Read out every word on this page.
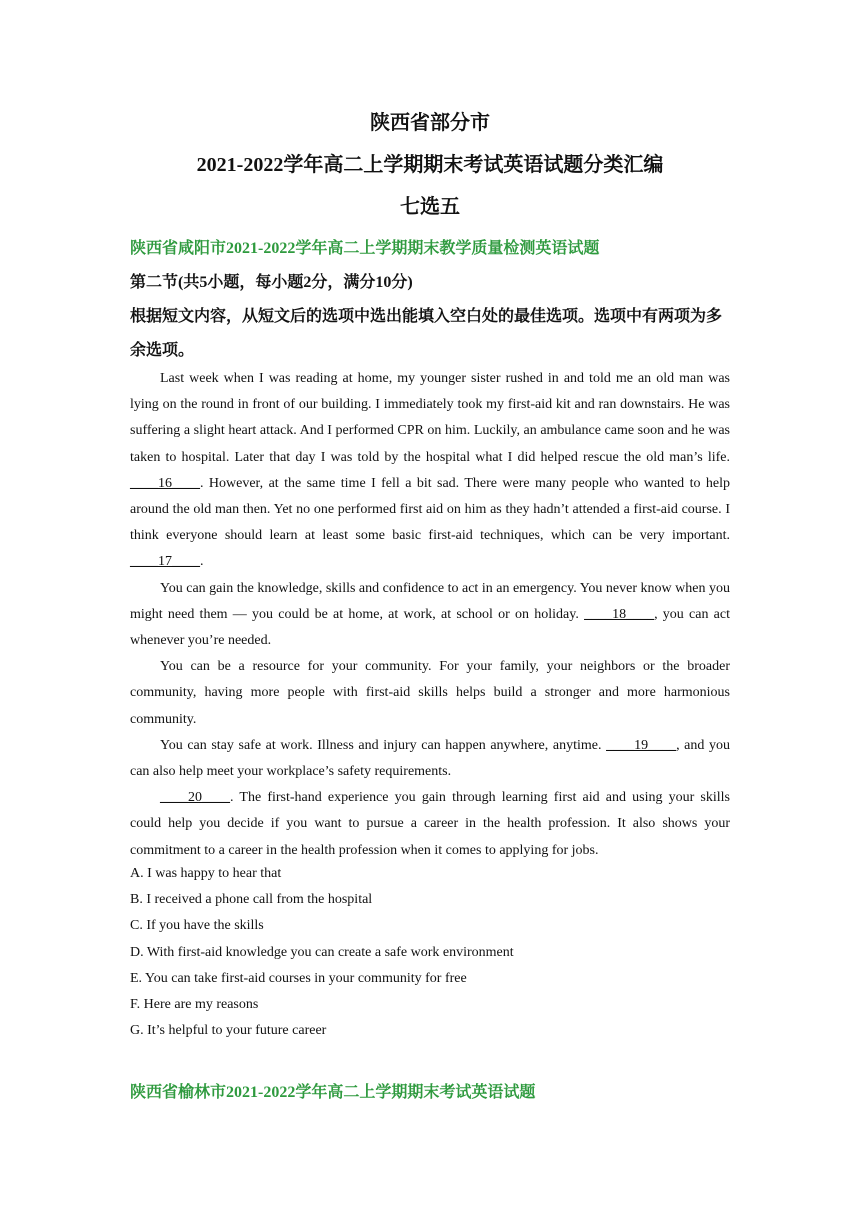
陕西省部分市
2021-2022学年高二上学期期末考试英语试题分类汇编
七选五
陕西省咸阳市2021-2022学年高二上学期期末教学质量检测英语试题
第二节(共5小题，每小题2分，满分10分)
根据短文内容，从短文后的选项中选出能填入空白处的最佳选项。选项中有两项为多余选项。

Last week when I was reading at home, my younger sister rushed in and told me an old man was lying on the round in front of our building. I immediately took my first-aid kit and ran downstairs. He was suffering a slight heart attack. And I performed CPR on him. Luckily, an ambulance came soon and he was taken to hospital. Later that day I was told by the hospital what I did helped rescue the old man’s life. ____16____. However, at the same time I fell a bit sad. There were many people who wanted to help around the old man then. Yet no one performed first aid on him as they hadn’t attended a first-aid course. I think everyone should learn at least some basic first-aid techniques, which can be very important. ____17____.

You can gain the knowledge, skills and confidence to act in an emergency. You never know when you might need them — you could be at home, at work, at school or on holiday. ____18____, you can act whenever you’re needed.

You can be a resource for your community. For your family, your neighbors or the broader community, having more people with first-aid skills helps build a stronger and more harmonious community.

You can stay safe at work. Illness and injury can happen anywhere, anytime. ____19____, and you can also help meet your workplace’s safety requirements.

____20____. The first-hand experience you gain through learning first aid and using your skills could help you decide if you want to pursue a career in the health profession. It also shows your commitment to a career in the health profession when it comes to applying for jobs.

A. I was happy to hear that
B. I received a phone call from the hospital
C. If you have the skills
D. With first-aid knowledge you can create a safe work environment
E. You can take first-aid courses in your community for free
F. Here are my reasons
G. It’s helpful to your future career
陕西省榆林市2021-2022学年高二上学期期末考试英语试题
